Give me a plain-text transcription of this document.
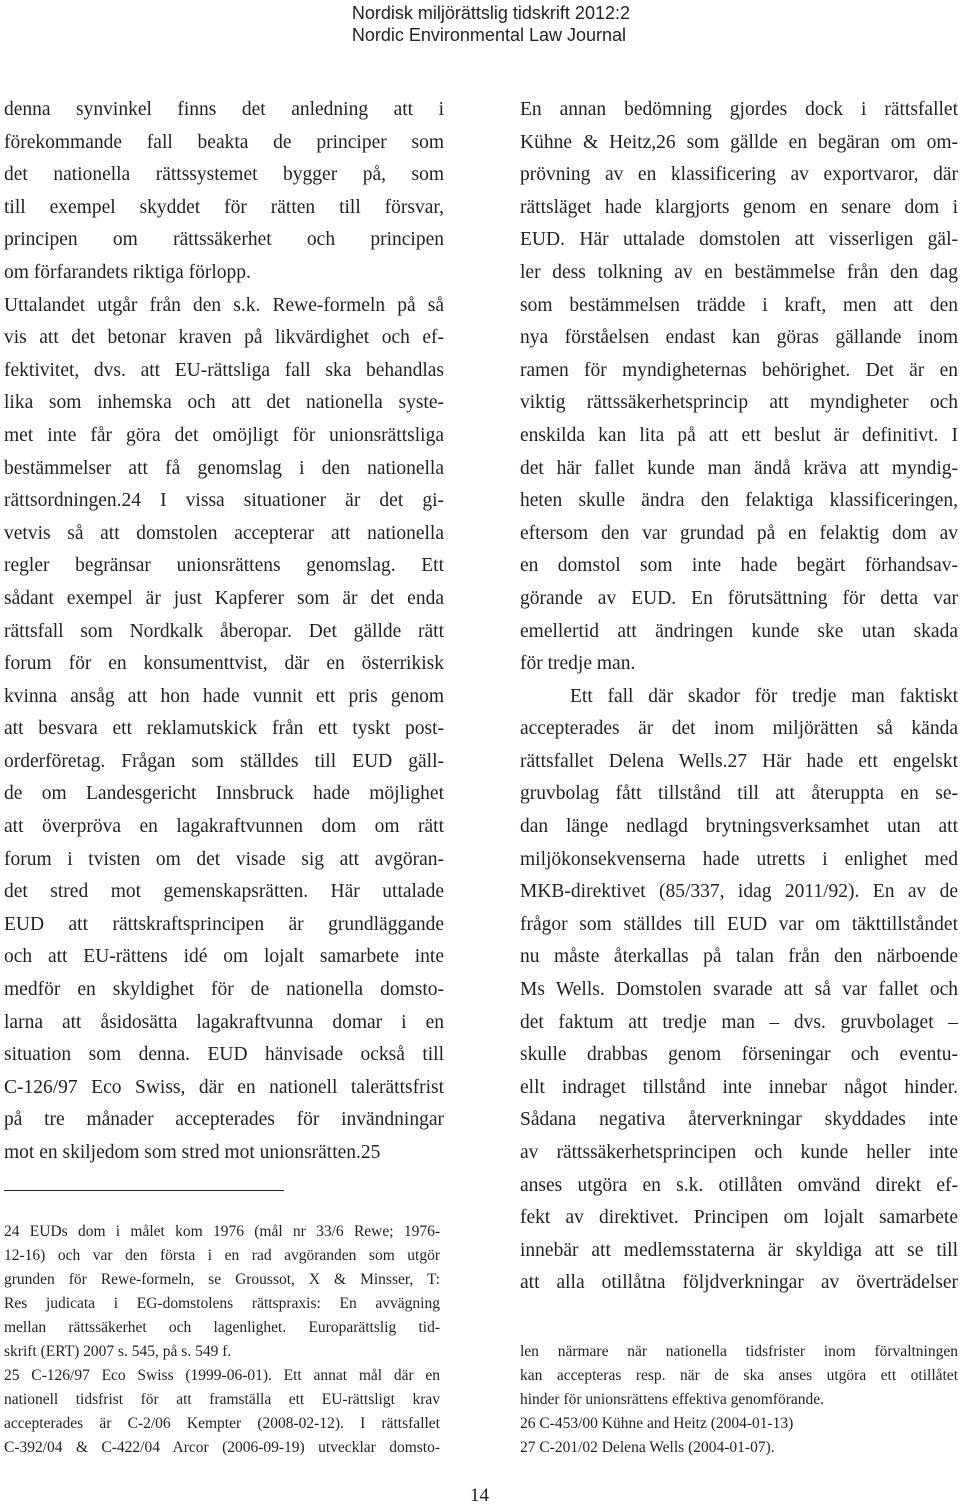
Nordisk miljörättslig tidskrift 2012:2
Nordic Environmental Law Journal
denna synvinkel finns det anledning att i
förekommande fall beakta de principer som
det nationella rättssystemet bygger på, som
till exempel skyddet för rätten till försvar,
principen om rättssäkerhet och principen
om förfarandets riktiga förlopp.
Uttalandet utgår från den s.k. Rewe-formeln på så
vis att det betonar kraven på likvärdighet och ef-
fektivitet, dvs. att EU-rättsliga fall ska behandlas
lika som inhemska och att det nationella syste-
met inte får göra det omöjligt för unionsrättsliga
bestämmelser att få genomslag i den nationella
rättsordningen.24 I vissa situationer är det gi-
vetvis så att domstolen accepterar att nationella
regler begränsar unionsrättens genomslag. Ett
sådant exempel är just Kapferer som är det enda
rättsfall som Nordkalk åberopar. Det gällde rätt
forum för en konsumenttvist, där en österrikisk
kvinna ansåg att hon hade vunnit ett pris genom
att besvara ett reklamutskick från ett tyskt post-
orderföretag. Frågan som ställdes till EUD gäll-
de om Landesgericht Innsbruck hade möjlighet
att överpröva en lagakraftvunnen dom om rätt
forum i tvisten om det visade sig att avgöran-
det stred mot gemenskapsrätten. Här uttalade
EUD att rättskraftsprincipen är grundläggande
och att EU-rättens idé om lojalt samarbete inte
medför en skyldighet för de nationella domsto-
larna att åsidosätta lagakraftvunna domar i en
situation som denna. EUD hänvisade också till
C-126/97 Eco Swiss, där en nationell talerättsfrist
på tre månader accepterades för invändningar
mot en skiljedom som stred mot unionsrätten.25
En annan bedömning gjordes dock i rättsfallet
Kühne & Heitz,26 som gällde en begäran om om-
prövning av en klassificering av exportvaror, där
rättsläget hade klargjorts genom en senare dom i
EUD. Här uttalade domstolen att visserligen gäl-
ler dess tolkning av en bestämmelse från den dag
som bestämmelsen trädde i kraft, men att den
nya förståelsen endast kan göras gällande inom
ramen för myndigheternas behörighet. Det är en
viktig rättssäkerhetsprincip att myndigheter och
enskilda kan lita på att ett beslut är definitivt. I
det här fallet kunde man ändå kräva att myndig-
heten skulle ändra den felaktiga klassificeringen,
eftersom den var grundad på en felaktig dom av
en domstol som inte hade begärt förhandsav-
görande av EUD. En förutsättning för detta var
emellertid att ändringen kunde ske utan skada
för tredje man.
Ett fall där skador för tredje man faktiskt
accepterades är det inom miljörätten så kända
rättsfallet Delena Wells.27 Här hade ett engelskt
gruvbolag fått tillstånd till att återuppta en se-
dan länge nedlagd brytningsverksamhet utan att
miljökonsekvenserna hade utretts i enlighet med
MKB-direktivet (85/337, idag 2011/92). En av de
frågor som ställdes till EUD var om täkttillståndet
nu måste återkallas på talan från den närboende
Ms Wells. Domstolen svarade att så var fallet och
det faktum att tredje man – dvs. gruvbolaget –
skulle drabbas genom förseningar och eventu-
ellt indraget tillstånd inte innebar något hinder.
Sådana negativa återverkningar skyddades inte
av rättssäkerhetsprincipen och kunde heller inte
anses utgöra en s.k. otillåten omvänd direkt ef-
fekt av direktivet. Principen om lojalt samarbete
innebär att medlemsstaterna är skyldiga att se till
att alla otillåtna följdverkningar av överträdelser
24 EUDs dom i målet kom 1976 (mål nr 33/6 Rewe; 1976-
12-16) och var den första i en rad avgöranden som utgör
grunden för Rewe-formeln, se Groussot, X & Minsser, T:
Res judicata i EG-domstolens rättspraxis: En avvägning
mellan rättssäkerhet och lagenlighet. Europarättslig tid-
skrift (ERT) 2007 s. 545, på s. 549 f.
25 C-126/97 Eco Swiss (1999-06-01). Ett annat mål där en
nationell tidsfrist för att framställa ett EU-rättsligt krav
accepterades är C-2/06 Kempter (2008-02-12). I rättsfallet
C-392/04 & C-422/04 Arcor (2006-09-19) utvecklar domsto-
len närmare när nationella tidsfrister inom förvaltningen
kan accepteras resp. när de ska anses utgöra ett otillåtet
hinder för unionsrättens effektiva genomförande.
26 C-453/00 Kühne and Heitz (2004-01-13)
27 C-201/02 Delena Wells (2004-01-07).
14
